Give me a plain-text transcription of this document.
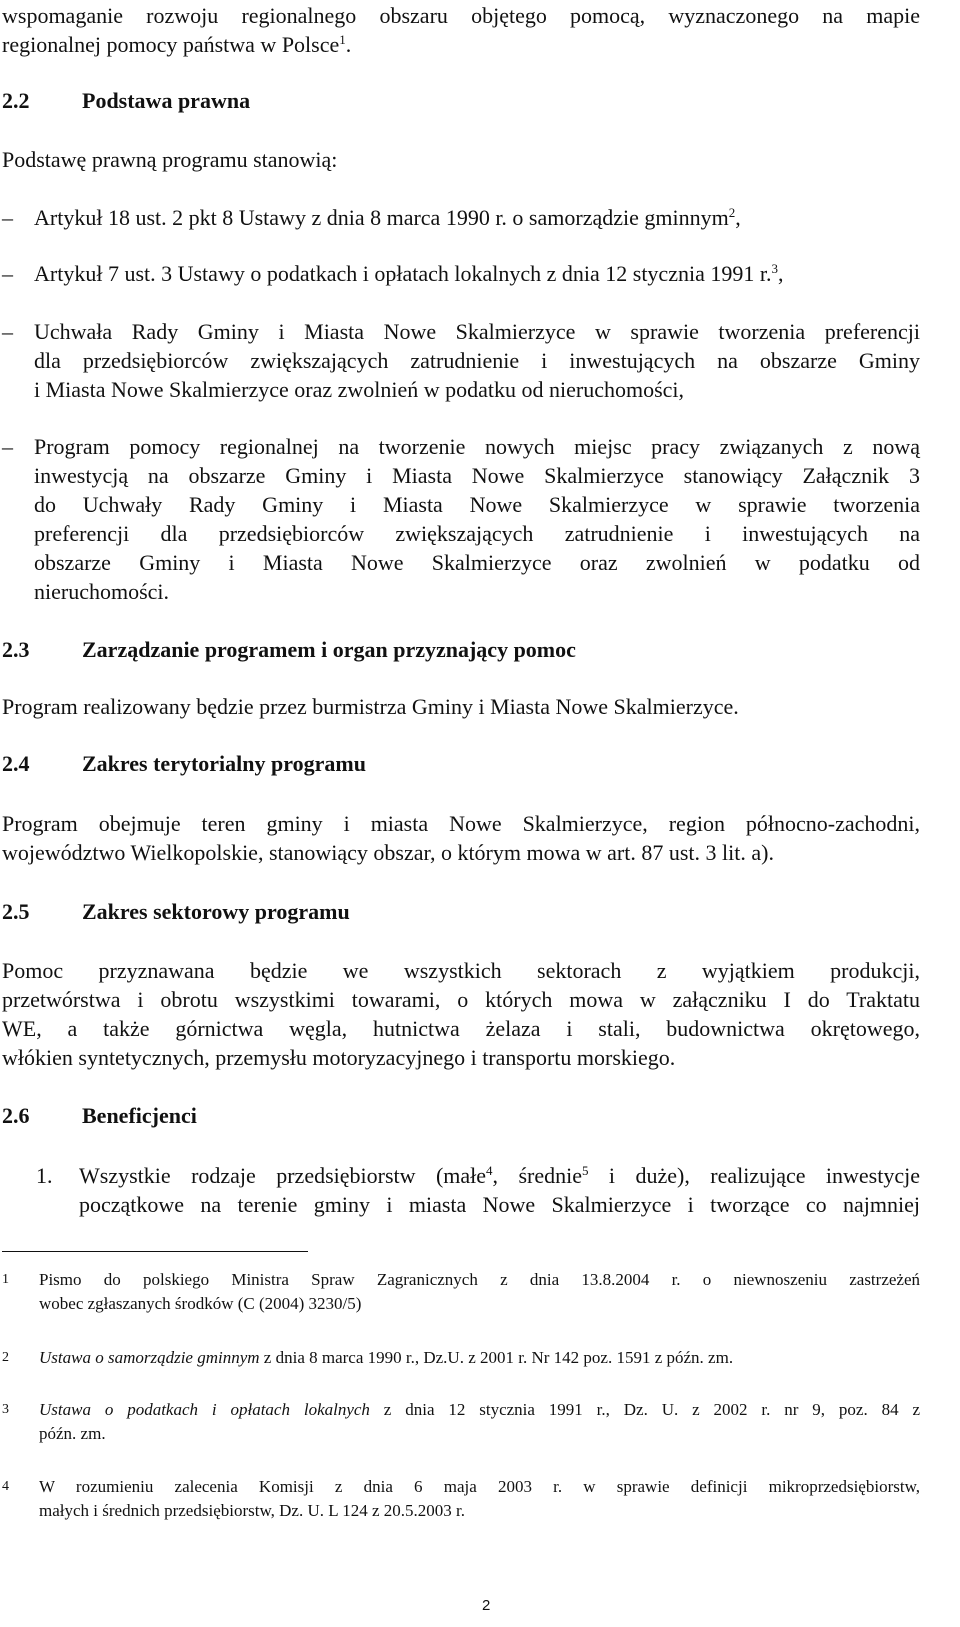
wspomaganie rozwoju regionalnego obszaru objętego pomocą, wyznaczonego na mapie
regionalnej pomocy państwa w Polsce$^1$.
2.2 Podstawa prawna
Podstawę prawną programu stanowią:
– Artykuł 18 ust. 2 pkt 8 Ustawy z dnia 8 marca 1990 r. o samorządzie gminnym$^2$,
– Artykuł 7 ust. 3 Ustawy o podatkach i opłatach lokalnych z dnia 12 stycznia 1991 r.$^3$,
– Uchwała Rady Gminy i Miasta Nowe Skalmierzyce w sprawie tworzenia preferencji
dla przedsiębiorców zwiększających zatrudnienie i inwestujących na obszarze Gminy
i Miasta Nowe Skalmierzyce oraz zwolnień w podatku od nieruchomości,
– Program pomocy regionalnej na tworzenie nowych miejsc pracy związanych z nową
inwestycją na obszarze Gminy i Miasta Nowe Skalmierzyce stanowiący Załącznik 3
do Uchwały Rady Gminy i Miasta Nowe Skalmierzyce w sprawie tworzenia
preferencji dla przedsiębiorców zwiększających zatrudnienie i inwestujących na
obszarze Gminy i Miasta Nowe Skalmierzyce oraz zwolnień w podatku od
nieruchomości.
2.3 Zarządzanie programem i organ przyznający pomoc
Program realizowany będzie przez burmistrza Gminy i Miasta Nowe Skalmierzyce.
2.4 Zakres terytorialny programu
Program obejmuje teren gminy i miasta Nowe Skalmierzyce, region północno-zachodni,
województwo Wielkopolskie, stanowiący obszar, o którym mowa w art. 87 ust. 3 lit. a).
2.5 Zakres sektorowy programu
Pomoc przyznawana będzie we wszystkich sektorach z wyjątkiem produkcji,
przetwórstwa i obrotu wszystkimi towarami, o których mowa w załączniku I do Traktatu
WE, a także górnictwa węgla, hutnictwa żelaza i stali, budownictwa okrętowego,
włókien syntetycznych, przemysłu motoryzacyjnego i transportu morskiego.
2.6 Beneficjenci
1. Wszystkie rodzaje przedsiębiorstw (małe$^4$, średnie$^5$ i duże), realizujące inwestycje
początkowe na terenie gminy i miasta Nowe Skalmierzyce i tworzące co najmniej
1 Pismo do polskiego Ministra Spraw Zagranicznych z dnia 13.8.2004 r. o niewnoszeniu zastrzeżeń
wobec zgłaszanych środków (C (2004) 3230/5)
2 Ustawa o samorządzie gminnym z dnia 8 marca 1990 r., Dz.U. z 2001 r. Nr 142 poz. 1591 z późn. zm.
3 Ustawa o podatkach i opłatach lokalnych z dnia 12 stycznia 1991 r., Dz. U. z 2002 r. nr 9, poz. 84 z
późn. zm.
4 W rozumieniu zalecenia Komisji z dnia 6 maja 2003 r. w sprawie definicji mikroprzedsiębiorstw,
małych i średnich przedsiębiorstw, Dz. U. L 124 z 20.5.2003 r.
2
